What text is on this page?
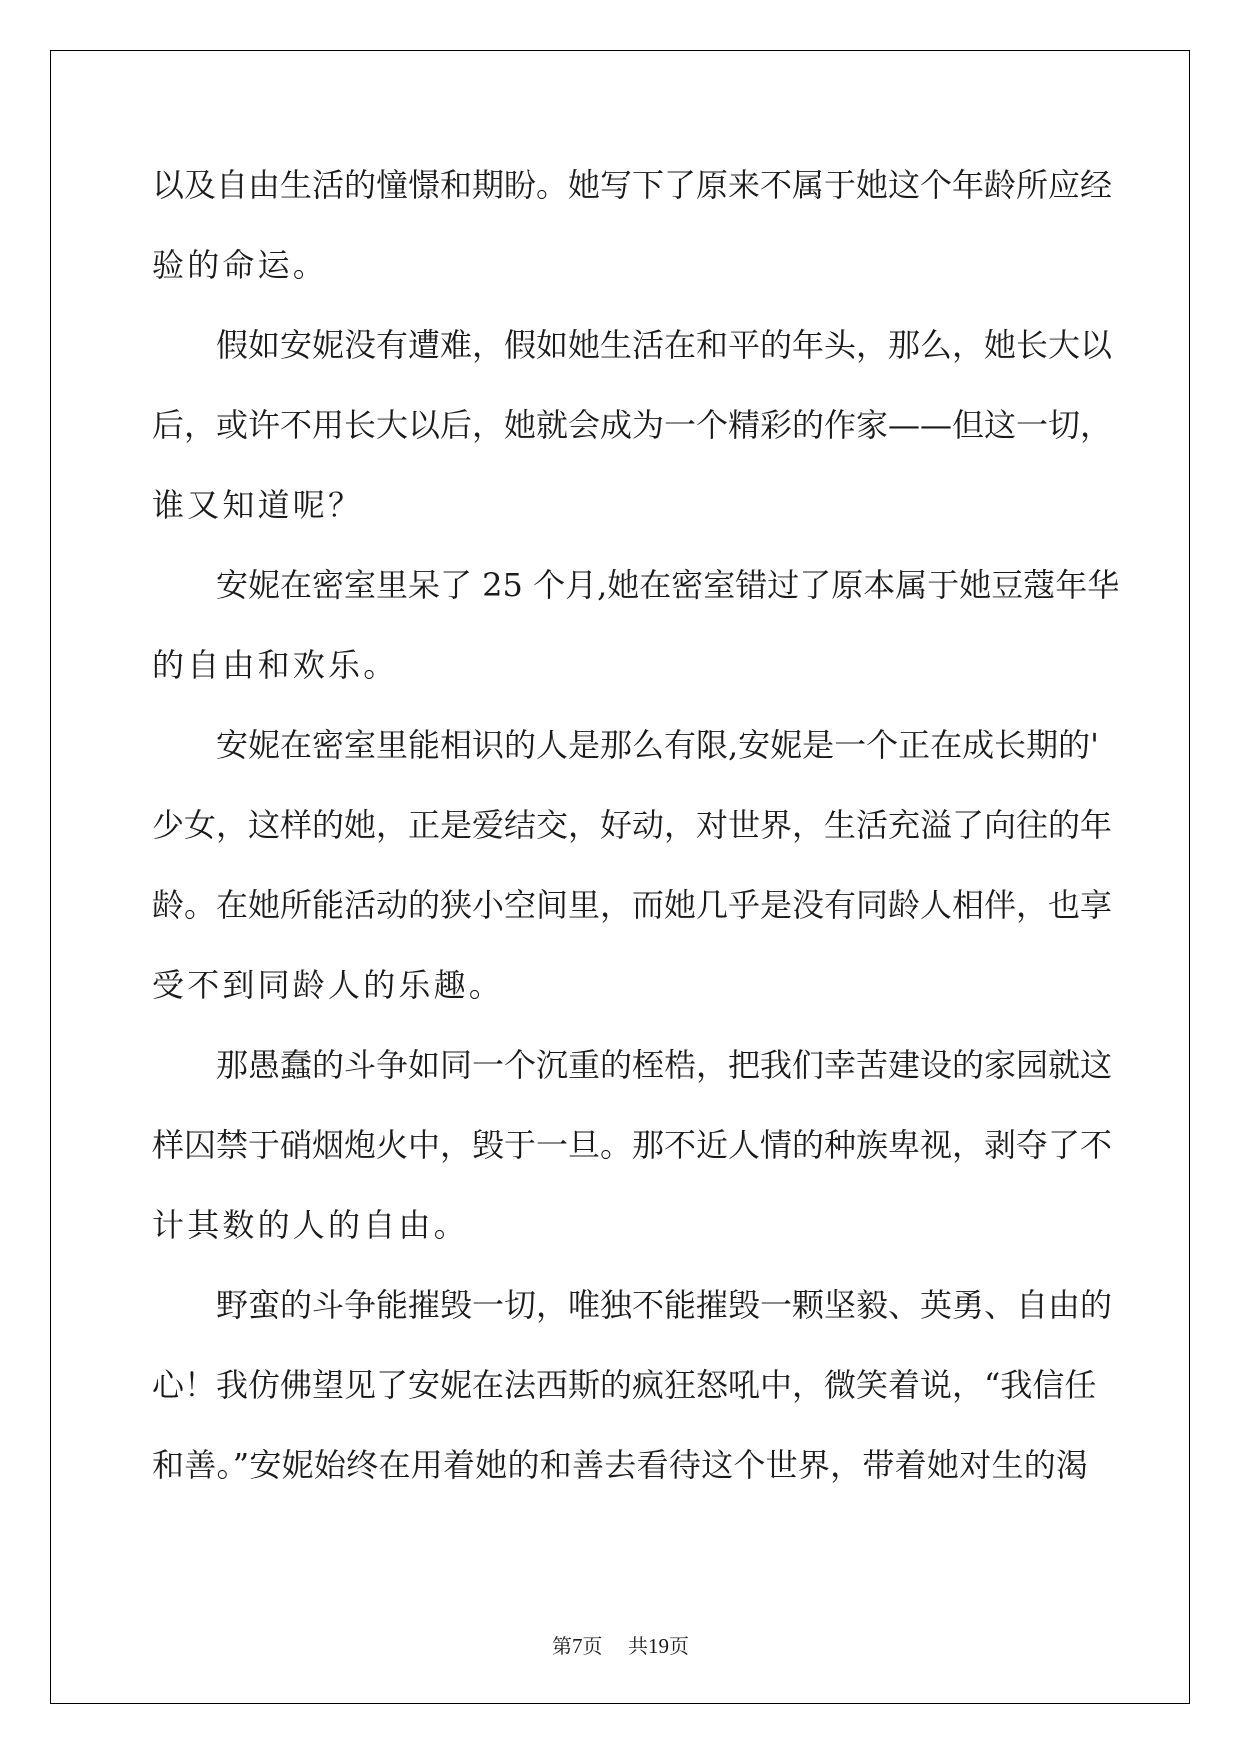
以及自由生活的憧憬和期盼。她写下了原来不属于她这个年龄所应经
验的命运。
假如安妮没有遭难，假如她生活在和平的年头，那么，她长大以
后，或许不用长大以后，她就会成为一个精彩的作家——但这一切，
谁又知道呢？
安妮在密室里呆了 25 个月,她在密室错过了原本属于她豆蔻年华
的自由和欢乐。
安妮在密室里能相识的人是那么有限,安妮是一个正在成长期的'
少女，这样的她，正是爱结交，好动，对世界，生活充溢了向往的年
龄。在她所能活动的狭小空间里，而她几乎是没有同龄人相伴，也享
受不到同龄人的乐趣。
那愚蠢的斗争如同一个沉重的桎梏，把我们幸苦建设的家园就这
样囚禁于硝烟炮火中，毁于一旦。那不近人情的种族卑视，剥夺了不
计其数的人的自由。
野蛮的斗争能摧毁一切，唯独不能摧毁一颗坚毅、英勇、自由的
心！我仿佛望见了安妮在法西斯的疯狂怒吼中，微笑着说，“我信任
和善。”安妮始终在用着她的和善去看待这个世界，带着她对生的渴
第7页 共19页
